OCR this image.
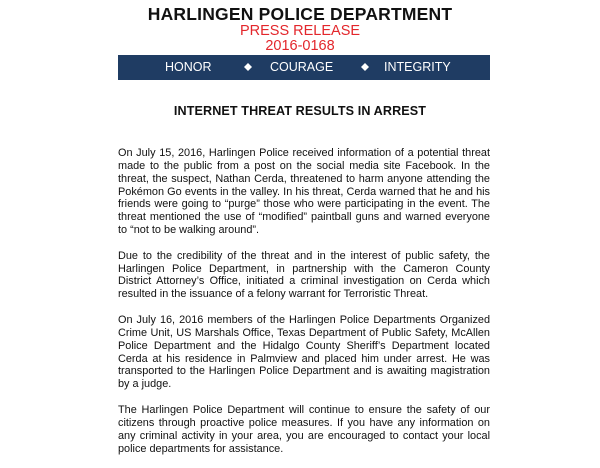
HARLINGEN POLICE DEPARTMENT
PRESS RELEASE
2016-0168
HONOR	COURAGE	INTEGRITY
INTERNET THREAT RESULTS IN ARREST

On July 15, 2016, Harlingen Police received information of a potential threat made to the public from a post on the social media site Facebook. In the threat, the suspect, Nathan Cerda, threatened to harm anyone attending the Pokémon Go events in the valley. In his threat, Cerda warned that he and his friends were going to “purge” those who were participating in the event. The threat mentioned the use of “modified” paintball guns and warned everyone to “not to be walking around”.

Due to the credibility of the threat and in the interest of public safety, the Harlingen Police Department, in partnership with the Cameron County District Attorney’s Office, initiated a criminal investigation on Cerda which resulted in the issuance of a felony warrant for Terroristic Threat.

On July 16, 2016 members of the Harlingen Police Departments Organized Crime Unit, US Marshals Office, Texas Department of Public Safety, McAllen Police Department and the Hidalgo County Sheriff’s Department located Cerda at his residence in Palmview and placed him under arrest. He was transported to the Harlingen Police Department and is awaiting magistration by a judge.

The Harlingen Police Department will continue to ensure the safety of our citizens through proactive police measures. If you have any information on any criminal activity in your area, you are encouraged to contact your local police departments for assistance.
